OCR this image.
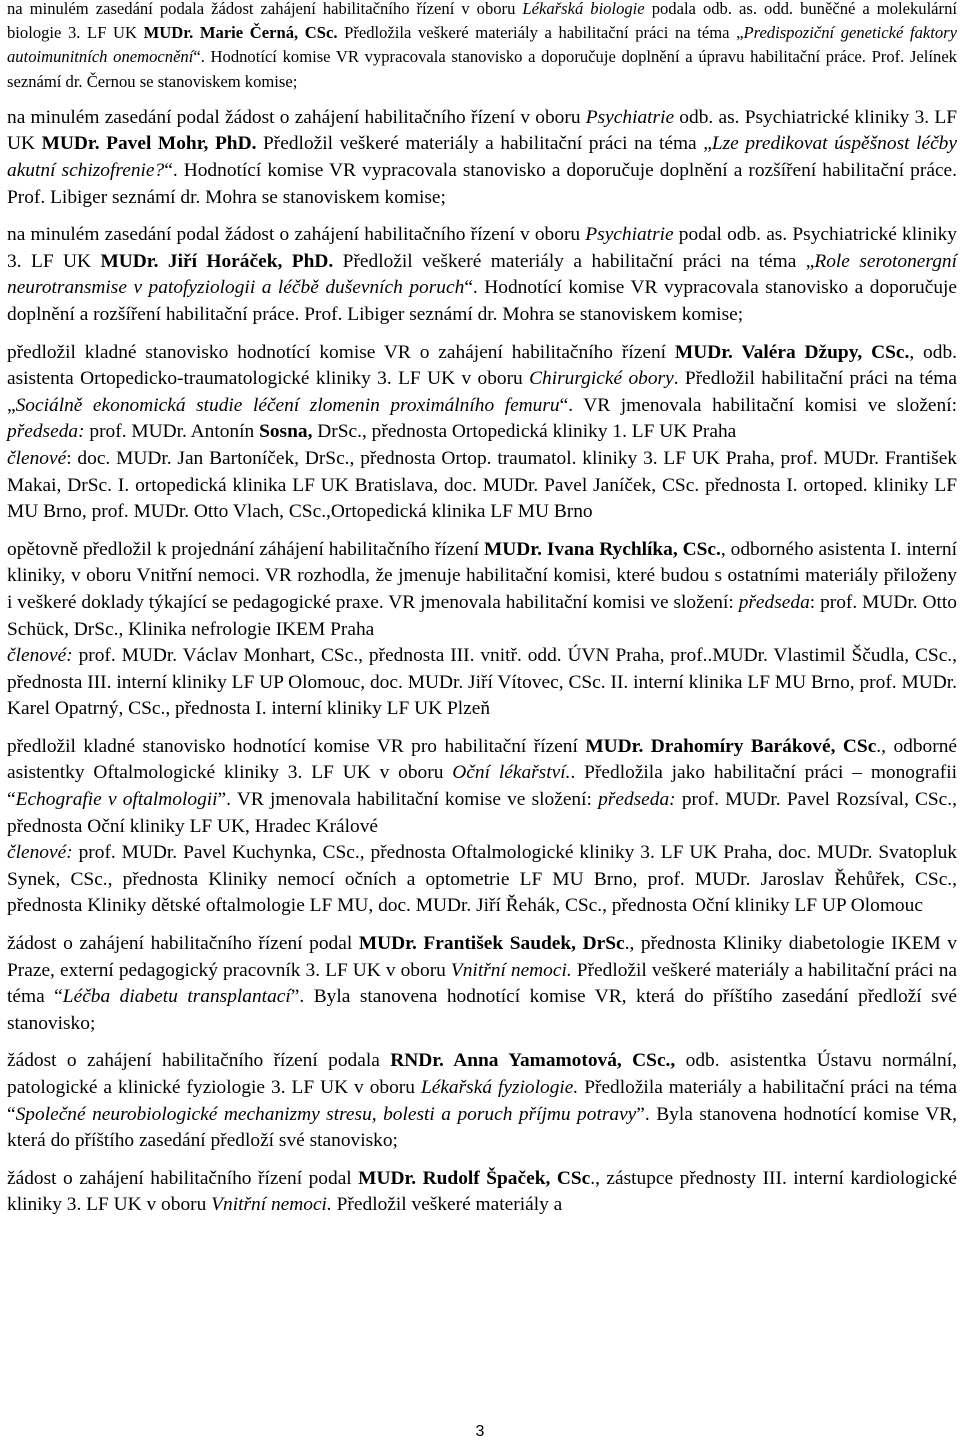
na minulém zasedání podala žádost zahájení habilitačního řízení v oboru Lékařská biologie podala odb. as. odd. buněčné a molekulární biologie 3. LF UK MUDr. Marie Černá, CSc. Předložila veškeré materiály a habilitační práci na téma „Predispoziční genetické faktory autoimunitních onemocnění“. Hodnotící komise VR vypracovala stanovisko a doporučuje doplnění a úpravu habilitační práce. Prof. Jelínek seznámí dr. Černou se stanoviskem komise;
na minulém zasedání podal žádost o zahájení habilitačního řízení v oboru Psychiatrie odb. as. Psychiatrické kliniky 3. LF UK MUDr. Pavel Mohr, PhD. Předložil veškeré materiály a habilitační práci na téma „Lze predikovat úspěšnost léčby akutní schizofrenie?“. Hodnotící komise VR vypracovala stanovisko a doporučuje doplnění a rozšíření habilitační práce. Prof. Libiger seznámí dr. Mohra se stanoviskem komise;
na minulém zasedání podal žádost o zahájení habilitačního řízení v oboru Psychiatrie podal odb. as. Psychiatrické kliniky 3. LF UK MUDr. Jiří Horáček, PhD. Předložil veškeré materiály a habilitační práci na téma „Role serotonergní neurotransmise v patofyziologii a léčbě duševních poruch“. Hodnotící komise VR vypracovala stanovisko a doporučuje doplnění a rozšíření habilitační práce. Prof. Libiger seznámí dr. Mohra se stanoviskem komise;
předložil kladné stanovisko hodnotící komise VR o zahájení habilitačního řízení MUDr. Valéra Džupy, CSc., odb. asistenta Ortopedicko-traumatologické kliniky 3. LF UK v oboru Chirurgické obory. Předložil habilitační práci na téma „Sociálně ekonomická studie léčení zlomenin proximálního femuru“. VR jmenovala habilitační komisi ve složení: předseda: prof. MUDr. Antonín Sosna, DrSc., přednosta Ortopedická kliniky 1. LF UK Praha
členové: doc. MUDr. Jan Bartoníček, DrSc., přednosta Ortop. traumatol. kliniky 3. LF UK Praha, prof. MUDr. František Makai, DrSc. I. ortopedická klinika LF UK Bratislava, doc. MUDr. Pavel Janíček, CSc. přednosta I. ortoped. kliniky LF MU Brno, prof. MUDr. Otto Vlach, CSc.,Ortopedická klinika LF MU Brno
opětovně předložil k projednání záhájení habilitačního řízení MUDr. Ivana Rychlíka, CSc., odborného asistenta I. interní kliniky, v oboru Vnitřní nemoci. VR rozhodla, že jmenuje habilitační komisi, které budou s ostatními materiály přiloženy i veškeré doklady týkající se pedagogické praxe. VR jmenovala habilitační komisi ve složení: předseda: prof. MUDr. Otto Schück, DrSc., Klinika nefrologie IKEM Praha
členové: prof. MUDr. Václav Monhart, CSc., přednosta III. vnitř. odd. ÚVN Praha, prof..MUDr. Vlastimil Ščudla, CSc., přednosta III. interní kliniky LF UP Olomouc, doc. MUDr. Jiří Vítovec, CSc. II. interní klinika LF MU Brno, prof. MUDr. Karel Opatrný, CSc., přednosta I. interní kliniky LF UK Plzeň
předložil kladné stanovisko hodnotící komise VR pro habilitační řízení MUDr. Drahomíry Barákové, CSc., odborné asistentky Oftalmologické kliniky 3. LF UK v oboru Oční lékařství.. Předložila jako habilitační práci – monografii “Echografie v oftalmologii”. VR jmenovala habilitační komise ve složení: předseda: prof. MUDr. Pavel Rozsíval, CSc., přednosta Oční kliniky LF UK, Hradec Králové
členové: prof. MUDr. Pavel Kuchynka, CSc., přednosta Oftalmologické kliniky 3. LF UK Praha, doc. MUDr. Svatopluk Synek, CSc., přednosta Kliniky nemocí očních a optometrie LF MU Brno, prof. MUDr. Jaroslav Řehůřek, CSc., přednosta Kliniky dětské oftalmologie LF MU, doc. MUDr. Jiří Řehák, CSc., přednosta Oční kliniky LF UP Olomouc
žádost o zahájení habilitačního řízení podal MUDr. František Saudek, DrSc., přednosta Kliniky diabetologie IKEM v Praze, externí pedagogický pracovník 3. LF UK v oboru Vnitřní nemoci. Předložil veškeré materiály a habilitační práci na téma “Léčba diabetu transplantací”. Byla stanovena hodnotící komise VR, která do příštího zasedání předloží své stanovisko;
žádost o zahájení habilitačního řízení podala RNDr. Anna Yamamotová, CSc., odb. asistentka Ústavu normální, patologické a klinické fyziologie 3. LF UK v oboru Lékařská fyziologie. Předložila materiály a habilitační práci na téma “Společné neurobiologické mechanizmy stresu, bolesti a poruch příjmu potravy”. Byla stanovena hodnotící komise VR, která do příštího zasedání předloží své stanovisko;
žádost o zahájení habilitačního řízení podal MUDr. Rudolf Špaček, CSc., zástupce přednosty III. interní kardiologické kliniky 3. LF UK v oboru Vnitřní nemoci. Předložil veškeré materiály a
3
